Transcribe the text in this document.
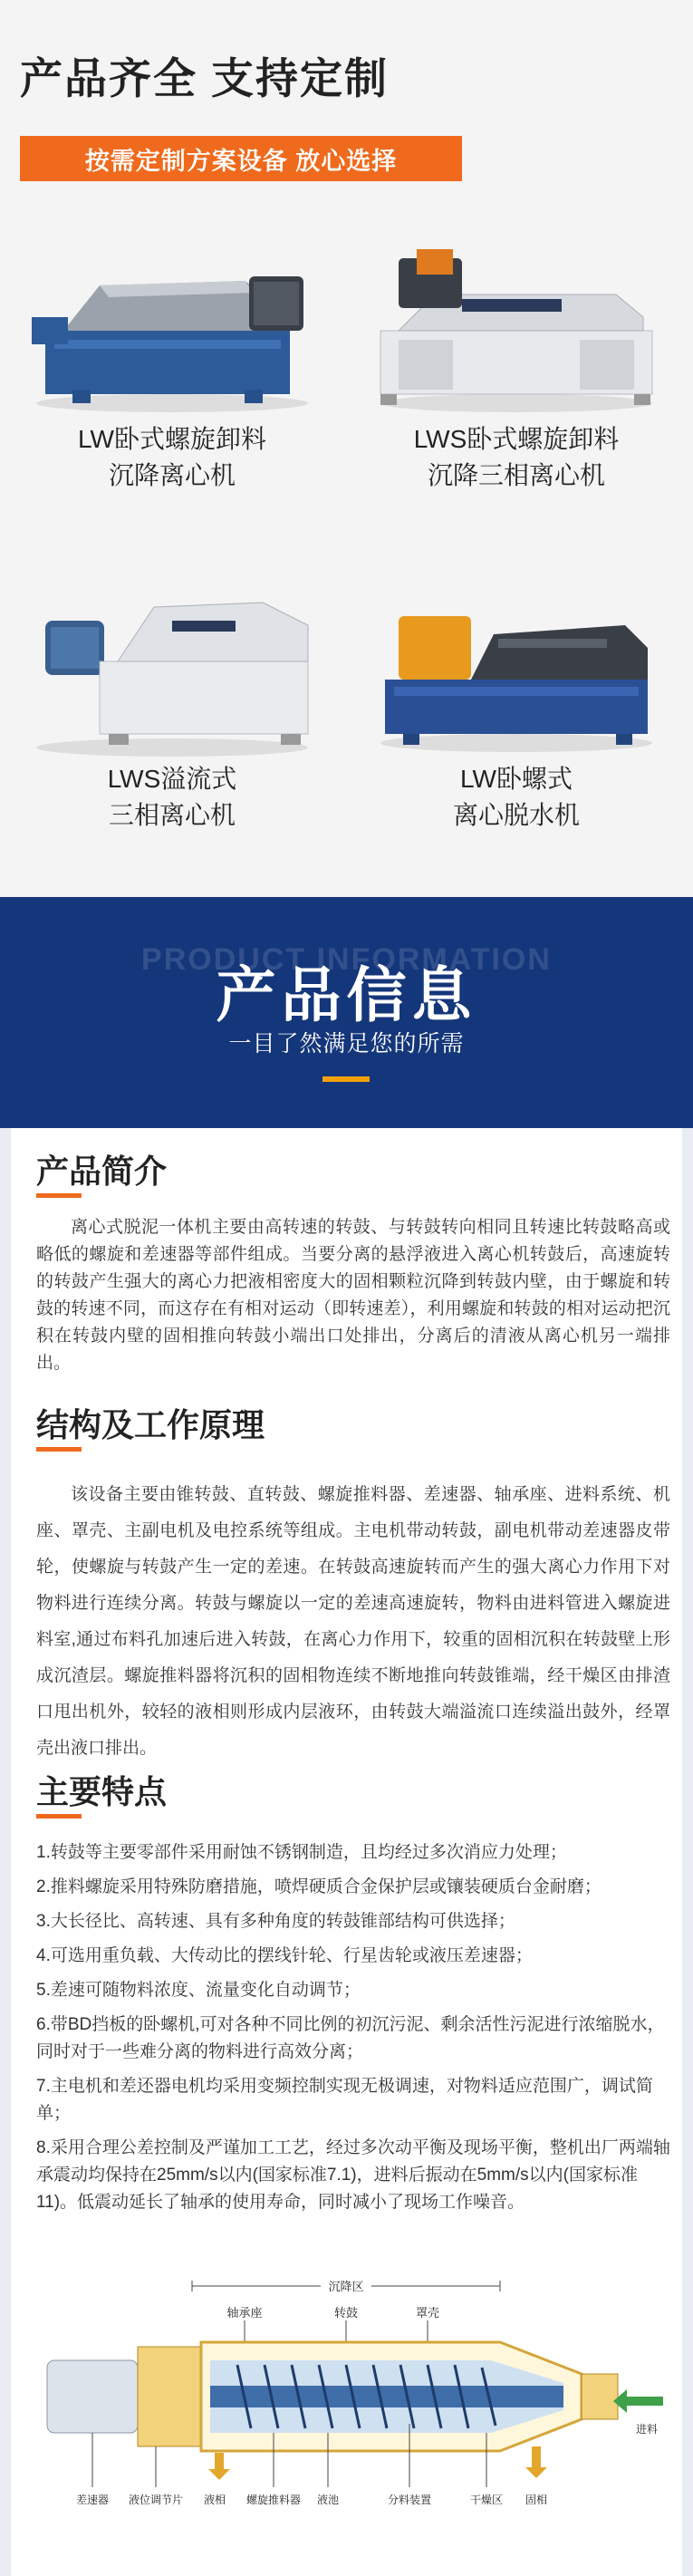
产品齐全 支持定制
按需定制方案设备 放心选择
LW卧式螺旋卸料
沉降离心机
LWS卧式螺旋卸料
沉降三相离心机
LWS溢流式
三相离心机
LW卧螺式
离心脱水机
PRODUCT INFORMATION
产品信息
一目了然满足您的所需
产品简介

离心式脱泥一体机主要由高转速的转鼓、与转鼓转向相同且转速比转鼓略高或略低的螺旋和差速器等部件组成。当要分离的悬浮液进入离心机转鼓后，高速旋转的转鼓产生强大的离心力把液相密度大的固相颗粒沉降到转鼓内壁，由于螺旋和转鼓的转速不同，而这存在有相对运动（即转速差），利用螺旋和转鼓的相对运动把沉积在转鼓内壁的固相推向转鼓小端出口处排出，分离后的清液从离心机另一端排出。

结构及工作原理

该设备主要由锥转鼓、直转鼓、螺旋推料器、差速器、轴承座、进料系统、机座、罩壳、主副电机及电控系统等组成。主电机带动转鼓，副电机带动差速器皮带轮，使螺旋与转鼓产生一定的差速。在转鼓高速旋转而产生的强大离心力作用下对物料进行连续分离。转鼓与螺旋以一定的差速高速旋转，物料由进料管进入螺旋进料室,通过布料孔加速后进入转鼓，在离心力作用下，较重的固相沉积在转鼓壁上形成沉渣层。螺旋推料器将沉积的固相物连续不断地推向转鼓锥端，经干燥区由排渣口甩出机外，较轻的液相则形成内层液环，由转鼓大端溢流口连续溢出鼓外，经罩壳出液口排出。

主要特点
1.转鼓等主要零部件采用耐蚀不锈钢制造，且均经过多次消应力处理；
2.推料螺旋采用特殊防磨措施，喷焊硬质合金保护层或镶装硬质台金耐磨；
3.大长径比、高转速、具有多种角度的转鼓锥部结构可供选择；
4.可选用重负载、大传动比的摆线针轮、行星齿轮或液压差速器；
5.差速可随物料浓度、流量变化自动调节；
6.带BD挡板的卧螺机,可对各种不同比例的初沉污泥、剩余活性污泥进行浓缩脱水，同时对于一些难分离的物料进行高效分离；
7.主电机和差还器电机均采用变频控制实现无极调速，对物料适应范围广，调试简单；
8.采用合理公差控制及严谨加工工艺，经过多次动平衡及现场平衡，整机出厂两端轴承震动均保持在25mm/s以内(国家标准7.1)，进料后振动在5mm/s以内(国家标准11)。低震动延长了轴承的使用寿命，同时减小了现场工作噪音。
沉降区
轴承座	转鼓	罩壳
进料
差速器 液位调节片 液相 螺旋推料器 液池	分料装置	干燥区 固相
